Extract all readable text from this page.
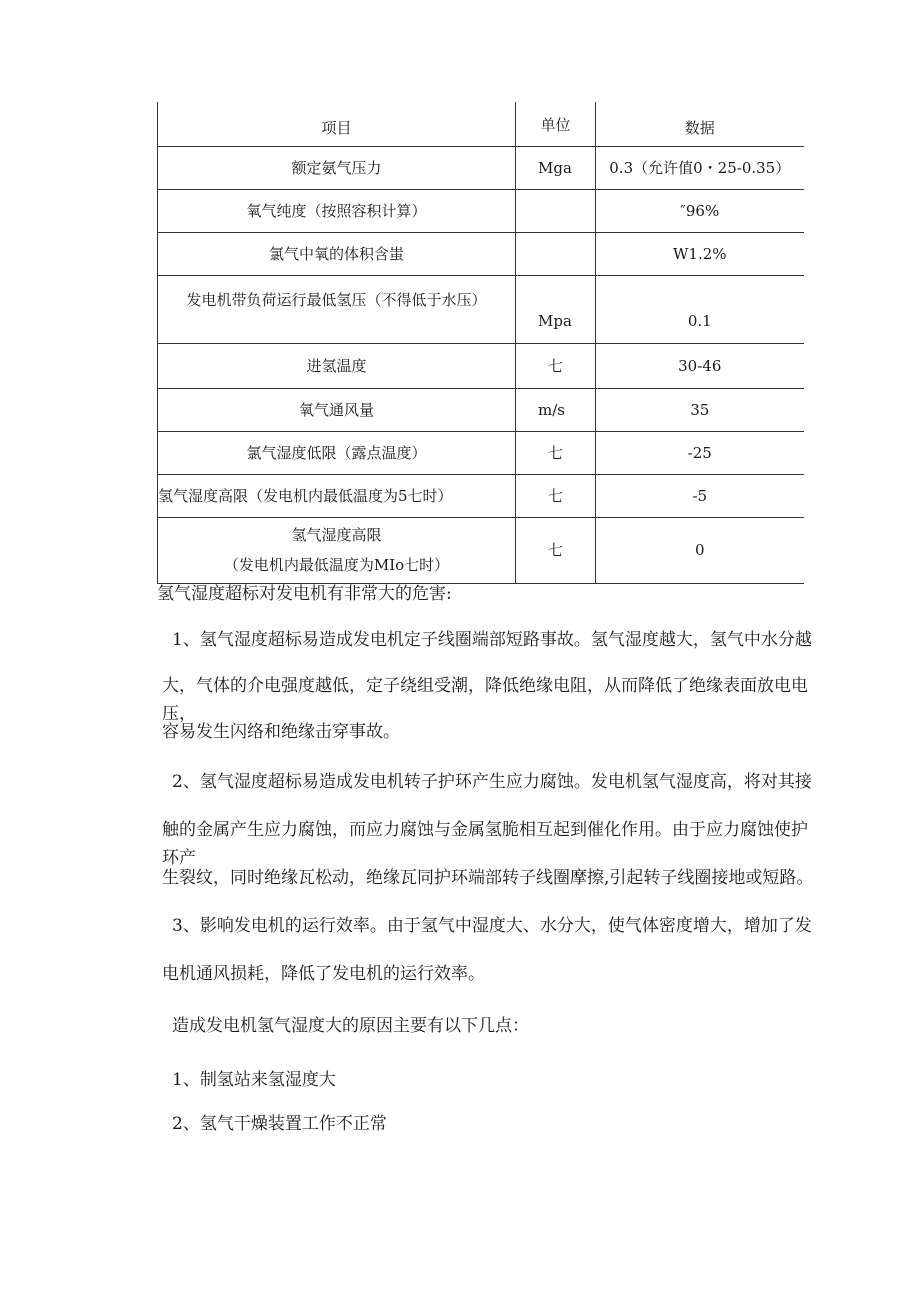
项目	单位	数据
额定氨气压力	Mga	0.3（允许值0・25-0.35）
氧气纯度（按照容积计算）		″96%
氯气中氧的体积含蚩		W1.2%
发电机带负荷运行最低氢压（不得低于水压）	Mpa	0.1
进氢温度	七	30-46
氧气通风量	m/s	35
氯气湿度低限（露点温度）	七	-25
氢气湿度高限（发电机内最低温度为5七时）	七	-5

氢气湿度高限
（发电机内最低温度为MIo七时）	七	0

氢气湿度超标对发电机有非常大的危害:

1、氢气湿度超标易造成发电机定子线圈端部短路事故。氢气湿度越大，氢气中水分越

大，气体的介电强度越低，定子绕组受潮，降低绝缘电阻，从而降低了绝缘表面放电电压，

容易发生闪络和绝缘击穿事故。

2、氢气湿度超标易造成发电机转子护环产生应力腐蚀。发电机氢气湿度高，将对其接

触的金属产生应力腐蚀，而应力腐蚀与金属氢脆相互起到催化作用。由于应力腐蚀使护环产

生裂纹，同时绝缘瓦松动，绝缘瓦同护环端部转子线圈摩擦,引起转子线圈接地或短路。

3、影响发电机的运行效率。由于氢气中湿度大、水分大，使气体密度增大，增加了发

电机通风损耗，降低了发电机的运行效率。

造成发电机氢气湿度大的原因主要有以下几点：

1、制氢站来氢湿度大

2、氢气干燥装置工作不正常
